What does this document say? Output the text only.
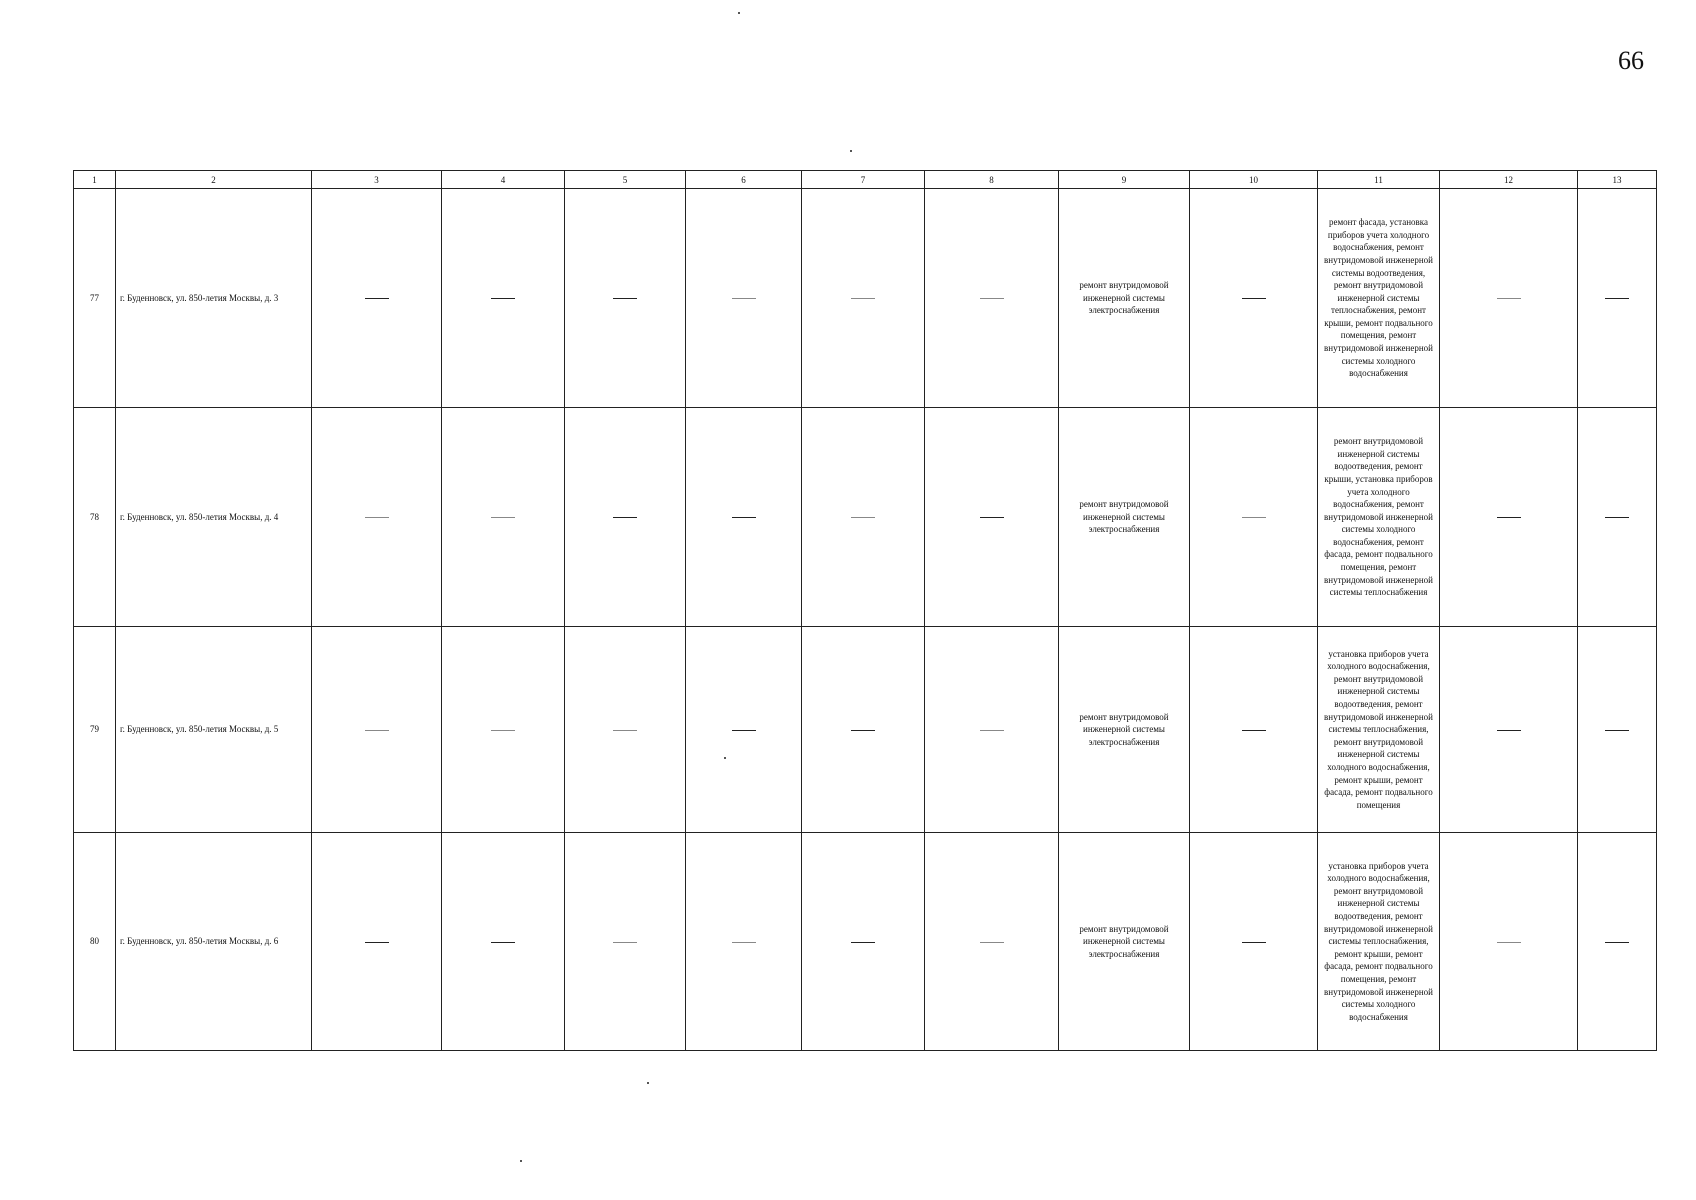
66
1	2	3	4	5	6	7	8	9	10	11	12	13
77	г. Буденновск, ул. 850-летия Москвы, д. 3							ремонт внутридомовой инженерной системы электроснабжения		ремонт фасада, установка приборов учета холодного водоснабжения, ремонт внутридомовой инженерной системы водоотведения, ремонт внутридомовой инженерной системы теплоснабжения, ремонт крыши, ремонт подвального помещения, ремонт внутридомовой инженерной системы холодного водоснабжения		
78	г. Буденновск, ул. 850-летия Москвы, д. 4							ремонт внутридомовой инженерной системы электроснабжения		ремонт внутридомовой инженерной системы водоотведения, ремонт крыши, установка приборов учета холодного водоснабжения, ремонт внутридомовой инженерной системы холодного водоснабжения, ремонт фасада, ремонт подвального помещения, ремонт внутридомовой инженерной системы теплоснабжения		
79	г. Буденновск, ул. 850-летия Москвы, д. 5							ремонт внутридомовой инженерной системы электроснабжения		установка приборов учета холодного водоснабжения, ремонт внутридомовой инженерной системы водоотведения, ремонт внутридомовой инженерной системы теплоснабжения, ремонт внутридомовой инженерной системы холодного водоснабжения, ремонт крыши, ремонт фасада, ремонт подвального помещения		
80	г. Буденновск, ул. 850-летия Москвы, д. 6							ремонт внутридомовой инженерной системы электроснабжения		установка приборов учета холодного водоснабжения, ремонт внутридомовой инженерной системы водоотведения, ремонт внутридомовой инженерной системы теплоснабжения, ремонт крыши, ремонт фасада, ремонт подвального помещения, ремонт внутридомовой инженерной системы холодного водоснабжения		
